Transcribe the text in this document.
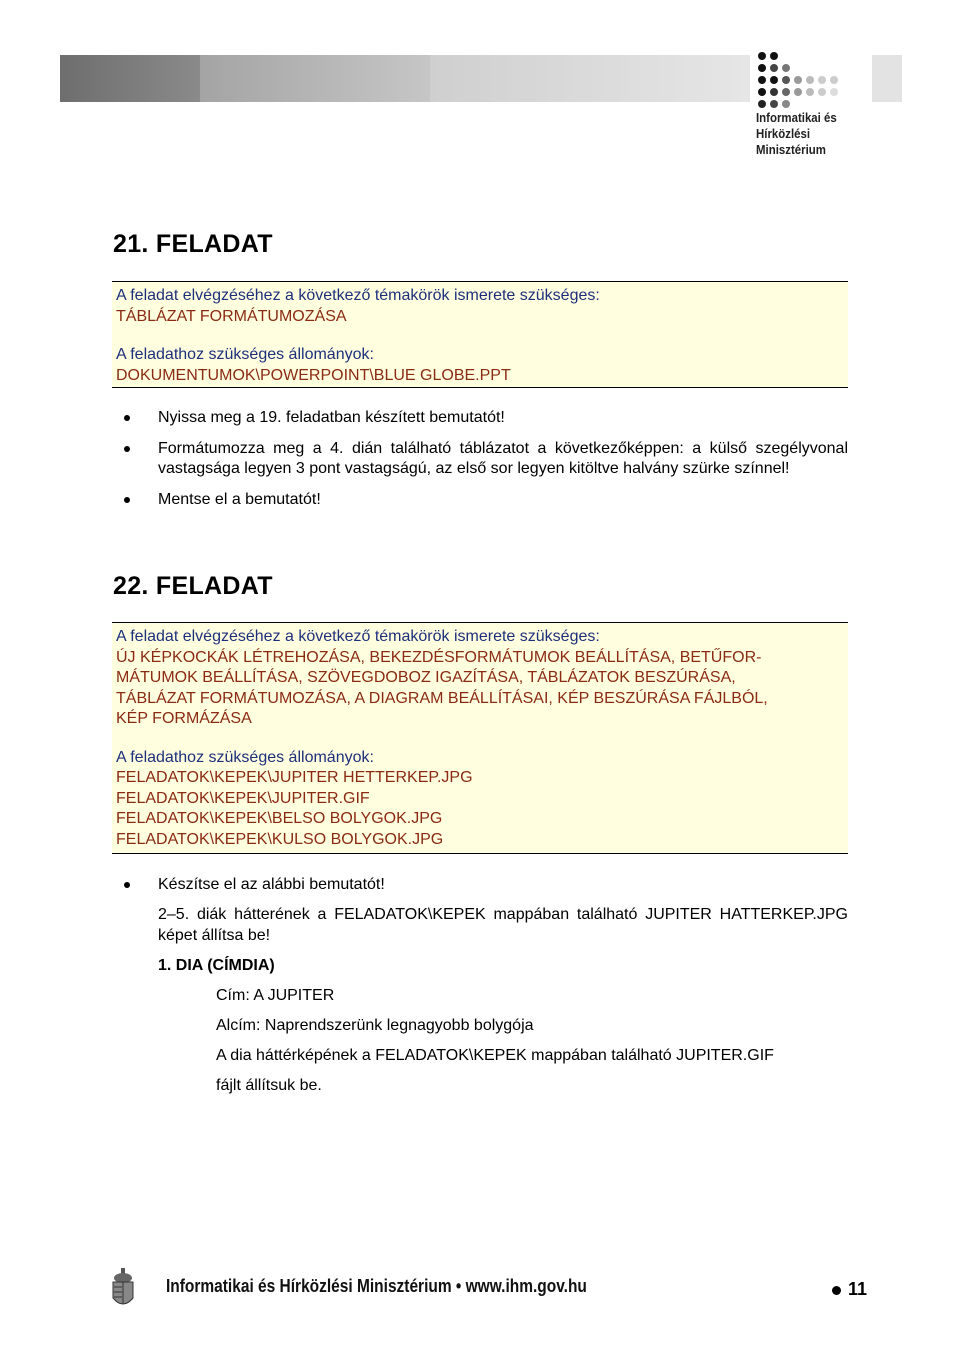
Informatikai és
Hírközlési
Minisztérium
21. FELADAT
A feladat elvégzéséhez a következő témakörök ismerete szükséges:
TÁBLÁZAT FORMÁTUMOZÁSA
A feladathoz szükséges állományok:
DOKUMENTUMOK\POWERPOINT\BLUE GLOBE.PPT
Nyissa meg a 19. feladatban készített bemutatót!
Formátumozza meg a 4. dián található táblázatot a következőképpen: a külső szegélyvonal vastagsága legyen 3 pont vastagságú, az első sor legyen kitöltve halvány szürke színnel!
Mentse el a bemutatót!
22. FELADAT
A feladat elvégzéséhez a következő témakörök ismerete szükséges:
ÚJ KÉPKOCKÁK LÉTREHOZÁSA, BEKEZDÉSFORMÁTUMOK BEÁLLÍTÁSA, BETŰFOR-
MÁTUMOK BEÁLLÍTÁSA, SZÖVEGDOBOZ IGAZÍTÁSA, TÁBLÁZATOK BESZÚRÁSA,
TÁBLÁZAT FORMÁTUMOZÁSA, A DIAGRAM BEÁLLÍTÁSAI, KÉP BESZÚRÁSA FÁJLBÓL,
KÉP FORMÁZÁSA
A feladathoz szükséges állományok:
FELADATOK\KEPEK\JUPITER HETTERKEP.JPG
FELADATOK\KEPEK\JUPITER.GIF
FELADATOK\KEPEK\BELSO BOLYGOK.JPG
FELADATOK\KEPEK\KULSO BOLYGOK.JPG
Készítse el az alábbi bemutatót!
2–5. diák hátterének a FELADATOK\KEPEK mappában található JUPITER HATTERKEP.JPG képet állítsa be!
1. DIA (CÍMDIA)
Cím: A JUPITER
Alcím: Naprendszerünk legnagyobb bolygója
A dia háttérképének a FELADATOK\KEPEK mappában található JUPITER.GIF
fájlt állítsuk be.
Informatikai és Hírközlési Minisztérium • www.ihm.gov.hu	11
